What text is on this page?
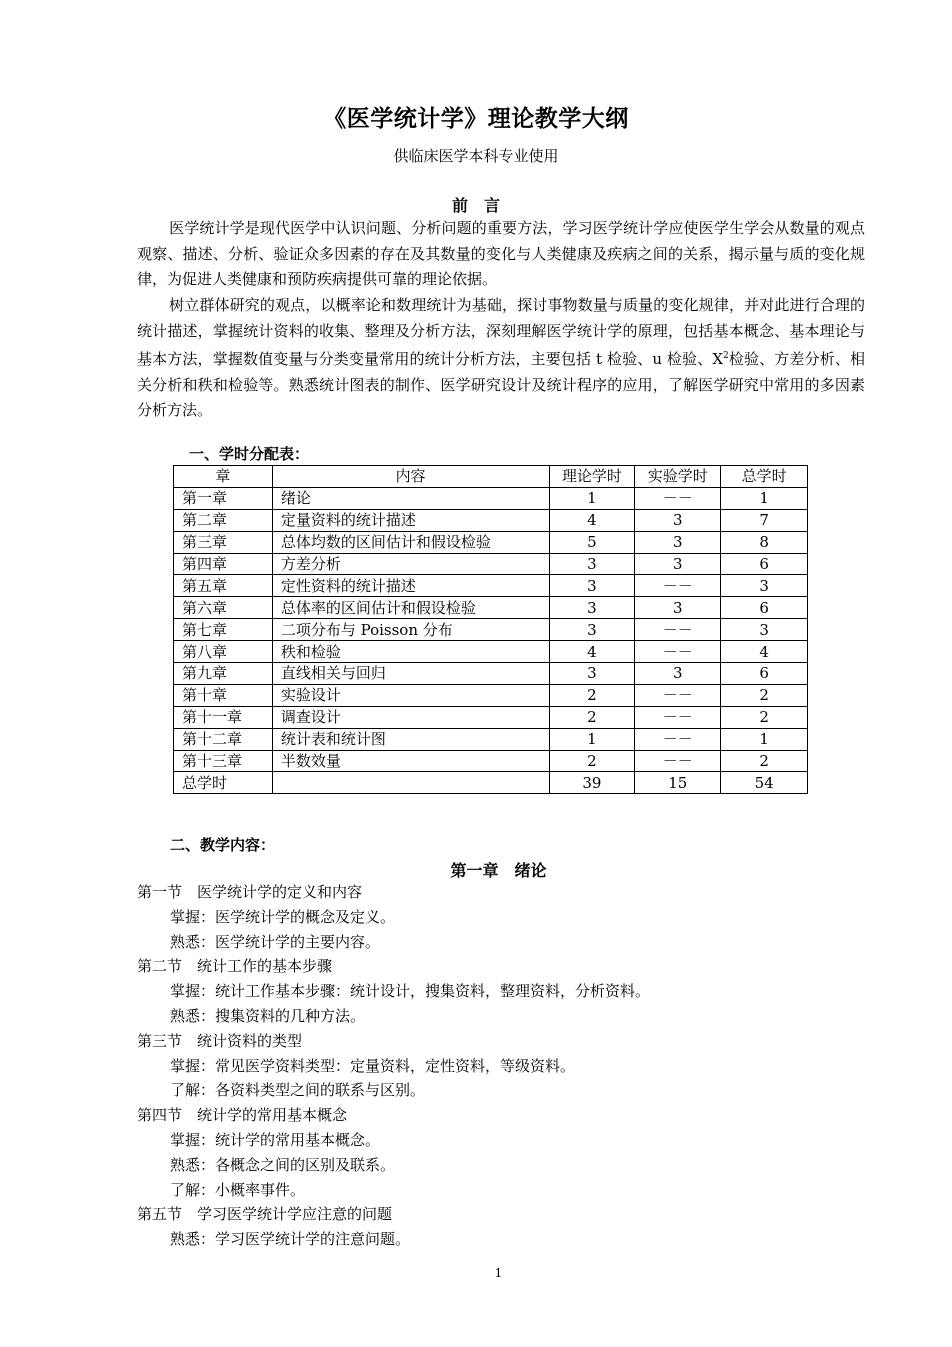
《医学统计学》理论教学大纲
供临床医学本科专业使用
前　言
医学统计学是现代医学中认识问题、分析问题的重要方法，学习医学统计学应使医学生学会从数量的观点观察、描述、分析、验证众多因素的存在及其数量的变化与人类健康及疾病之间的关系，揭示量与质的变化规律，为促进人类健康和预防疾病提供可靠的理论依据。
树立群体研究的观点，以概率论和数理统计为基础，探讨事物数量与质量的变化规律，并对此进行合理的统计描述，掌握统计资料的收集、整理及分析方法，深刻理解医学统计学的原理，包括基本概念、基本理论与基本方法，掌握数值变量与分类变量常用的统计分析方法，主要包括 t 检验、u 检验、$X^2$检验、方差分析、相关分析和秩和检验等。熟悉统计图表的制作、医学研究设计及统计程序的应用，了解医学研究中常用的多因素分析方法。
一、学时分配表：
章	内容	理论学时	实验学时	总学时
第一章	绪论	1	－－	1
第二章	定量资料的统计描述	4	3	7
第三章	总体均数的区间估计和假设检验	5	3	8
第四章	方差分析	3	3	6
第五章	定性资料的统计描述	3	－－	3
第六章	总体率的区间估计和假设检验	3	3	6
第七章	二项分布与 Poisson 分布	3	－－	3
第八章	秩和检验	4	－－	4
第九章	直线相关与回归	3	3	6
第十章	实验设计	2	－－	2
第十一章	调查设计	2	－－	2
第十二章	统计表和统计图	1	－－	1
第十三章	半数效量	2	－－	2
总学时		39	15	54
二、教学内容：
第一章　绪论
第一节　医学统计学的定义和内容
掌握：医学统计学的概念及定义。
熟悉：医学统计学的主要内容。
第二节　统计工作的基本步骤
掌握：统计工作基本步骤：统计设计，搜集资料，整理资料，分析资料。
熟悉：搜集资料的几种方法。
第三节　统计资料的类型
掌握：常见医学资料类型：定量资料，定性资料，等级资料。
了解：各资料类型之间的联系与区别。
第四节　统计学的常用基本概念
掌握：统计学的常用基本概念。
熟悉：各概念之间的区别及联系。
了解：小概率事件。
第五节　学习医学统计学应注意的问题
熟悉：学习医学统计学的注意问题。
1
